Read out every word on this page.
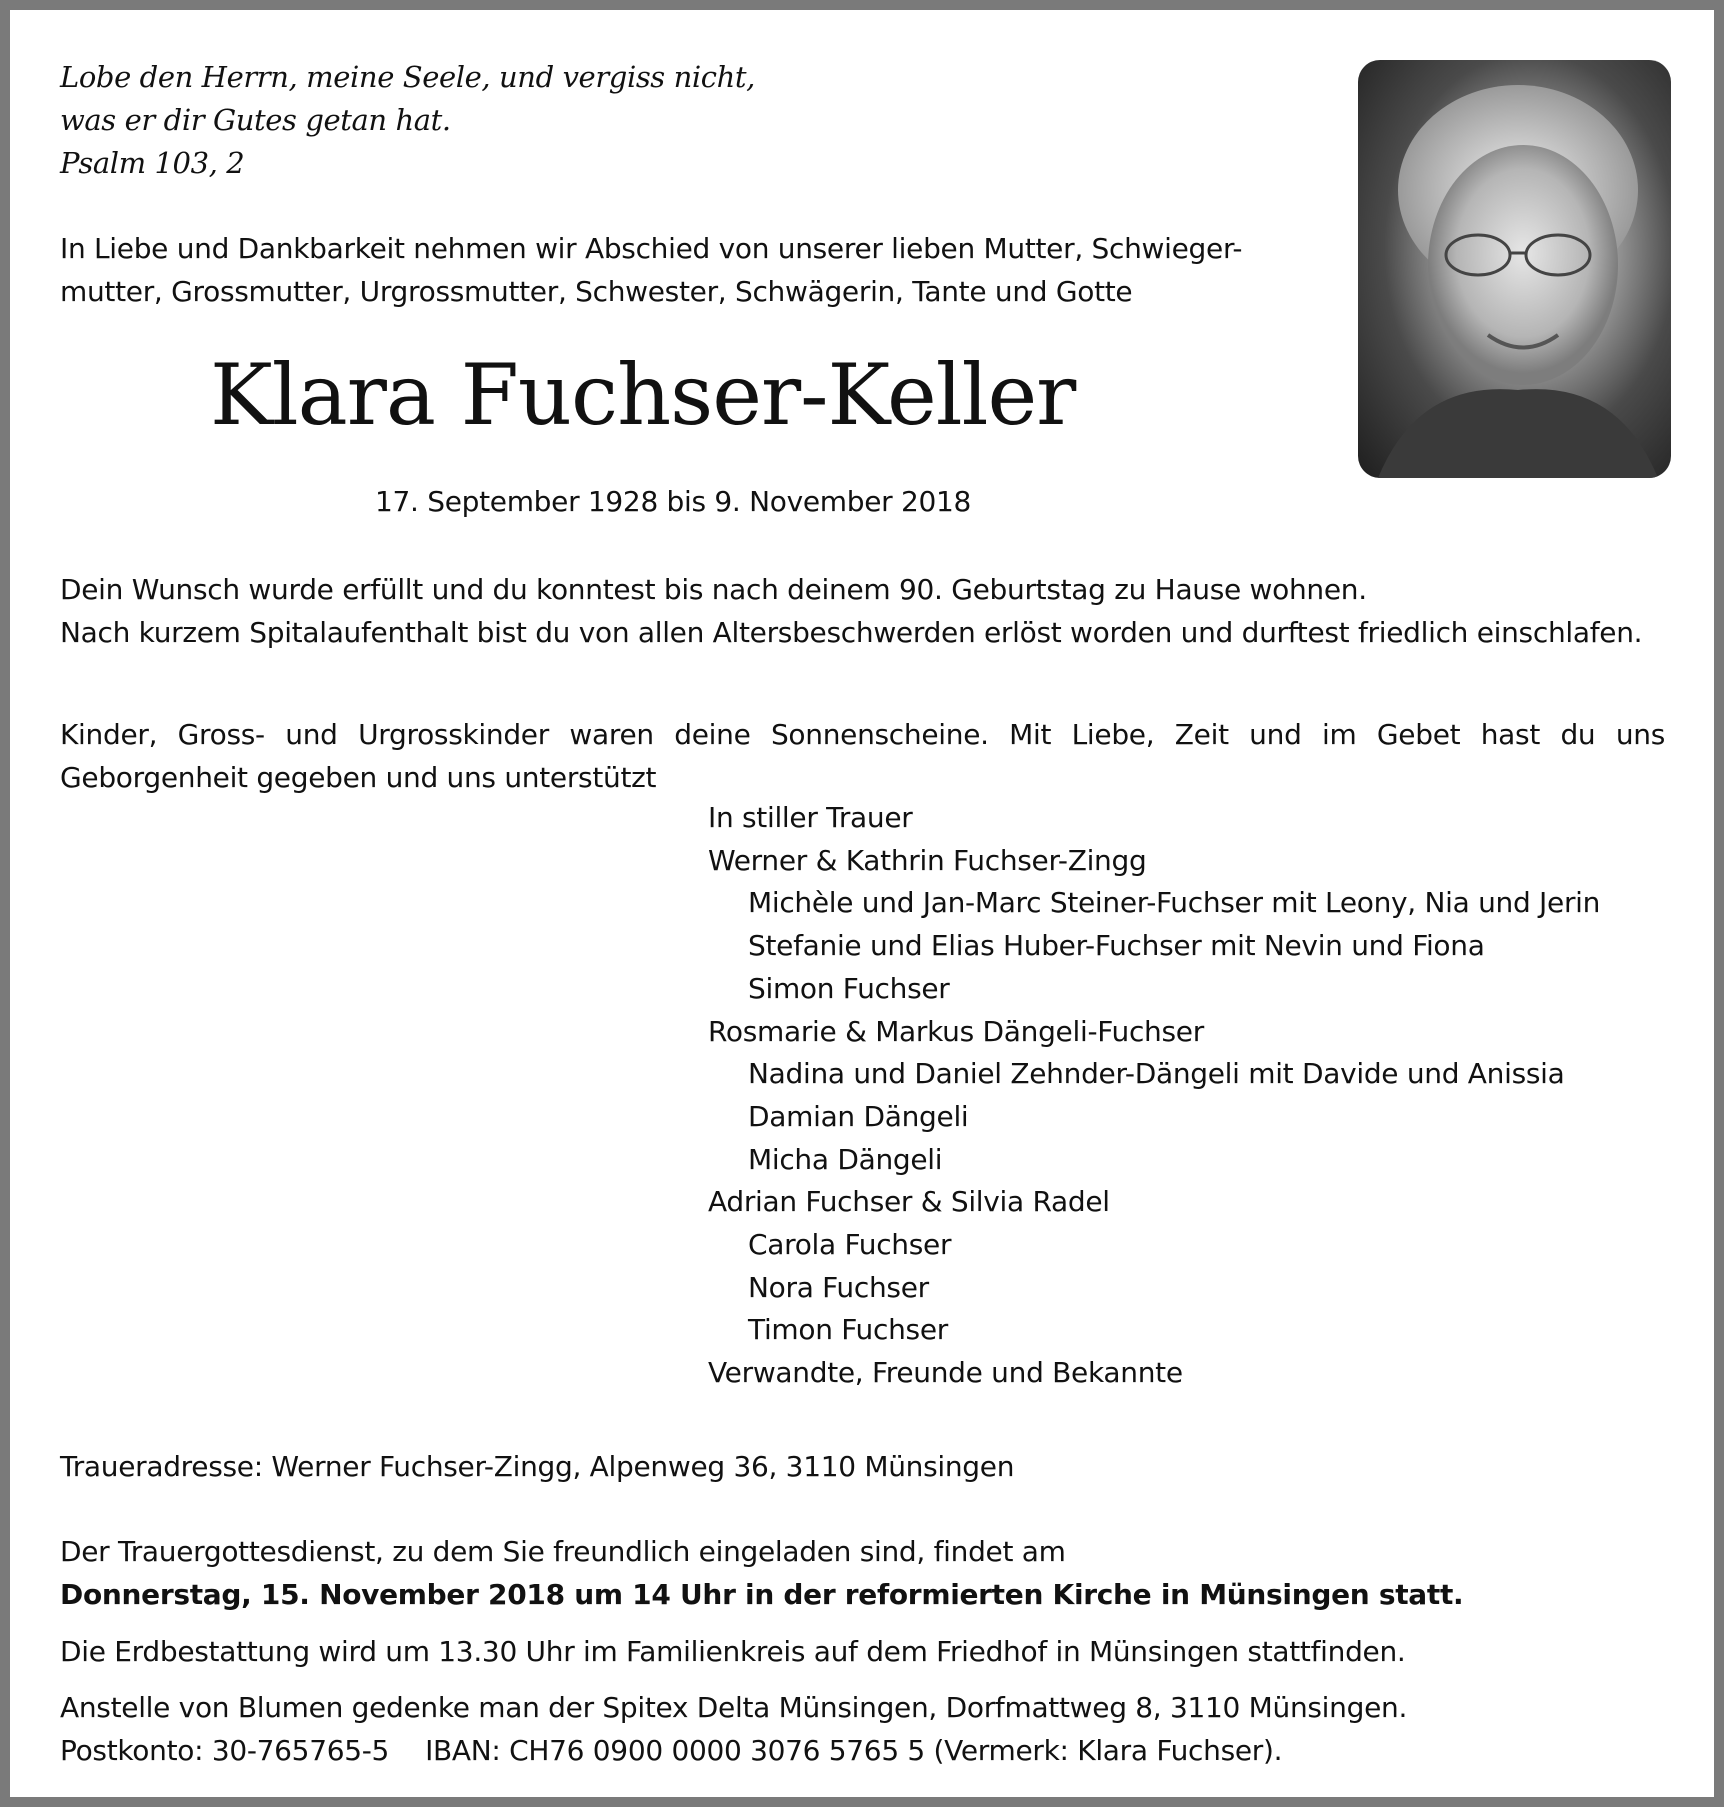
Lobe den Herrn, meine Seele, und vergiss nicht,
was er dir Gutes getan hat.
Psalm 103, 2
In Liebe und Dankbarkeit nehmen wir Abschied von unserer lieben Mutter, Schwieger-
mutter, Grossmutter, Urgrossmutter, Schwester, Schwägerin, Tante und Gotte
Klara Fuchser-Keller
17. September 1928 bis 9. November 2018
Dein Wunsch wurde erfüllt und du konntest bis nach deinem 90. Geburtstag zu Hause wohnen.
Nach kurzem Spitalaufenthalt bist du von allen Altersbeschwerden erlöst worden und durftest friedlich einschlafen.
Kinder, Gross- und Urgrosskinder waren deine Sonnenscheine. Mit Liebe, Zeit und im Gebet hast du uns Geborgenheit gegeben und uns unterstützt
In stiller Trauer
Werner & Kathrin Fuchser-Zingg
Michèle und Jan-Marc Steiner-Fuchser mit Leony, Nia und Jerin
Stefanie und Elias Huber-Fuchser mit Nevin und Fiona
Simon Fuchser
Rosmarie & Markus Dängeli-Fuchser
Nadina und Daniel Zehnder-Dängeli mit Davide und Anissia
Damian Dängeli
Micha Dängeli
Adrian Fuchser & Silvia Radel
Carola Fuchser
Nora Fuchser
Timon Fuchser
Verwandte, Freunde und Bekannte
Traueradresse: Werner Fuchser-Zingg, Alpenweg 36, 3110 Münsingen
Der Trauergottesdienst, zu dem Sie freundlich eingeladen sind, findet am
Donnerstag, 15. November 2018 um 14 Uhr in der reformierten Kirche in Münsingen statt.
Die Erdbestattung wird um 13.30 Uhr im Familienkreis auf dem Friedhof in Münsingen stattfinden.
Anstelle von Blumen gedenke man der Spitex Delta Münsingen, Dorfmattweg 8, 3110 Münsingen.
Postkonto: 30-765765-5 IBAN: CH76 0900 0000 3076 5765 5 (Vermerk: Klara Fuchser).
